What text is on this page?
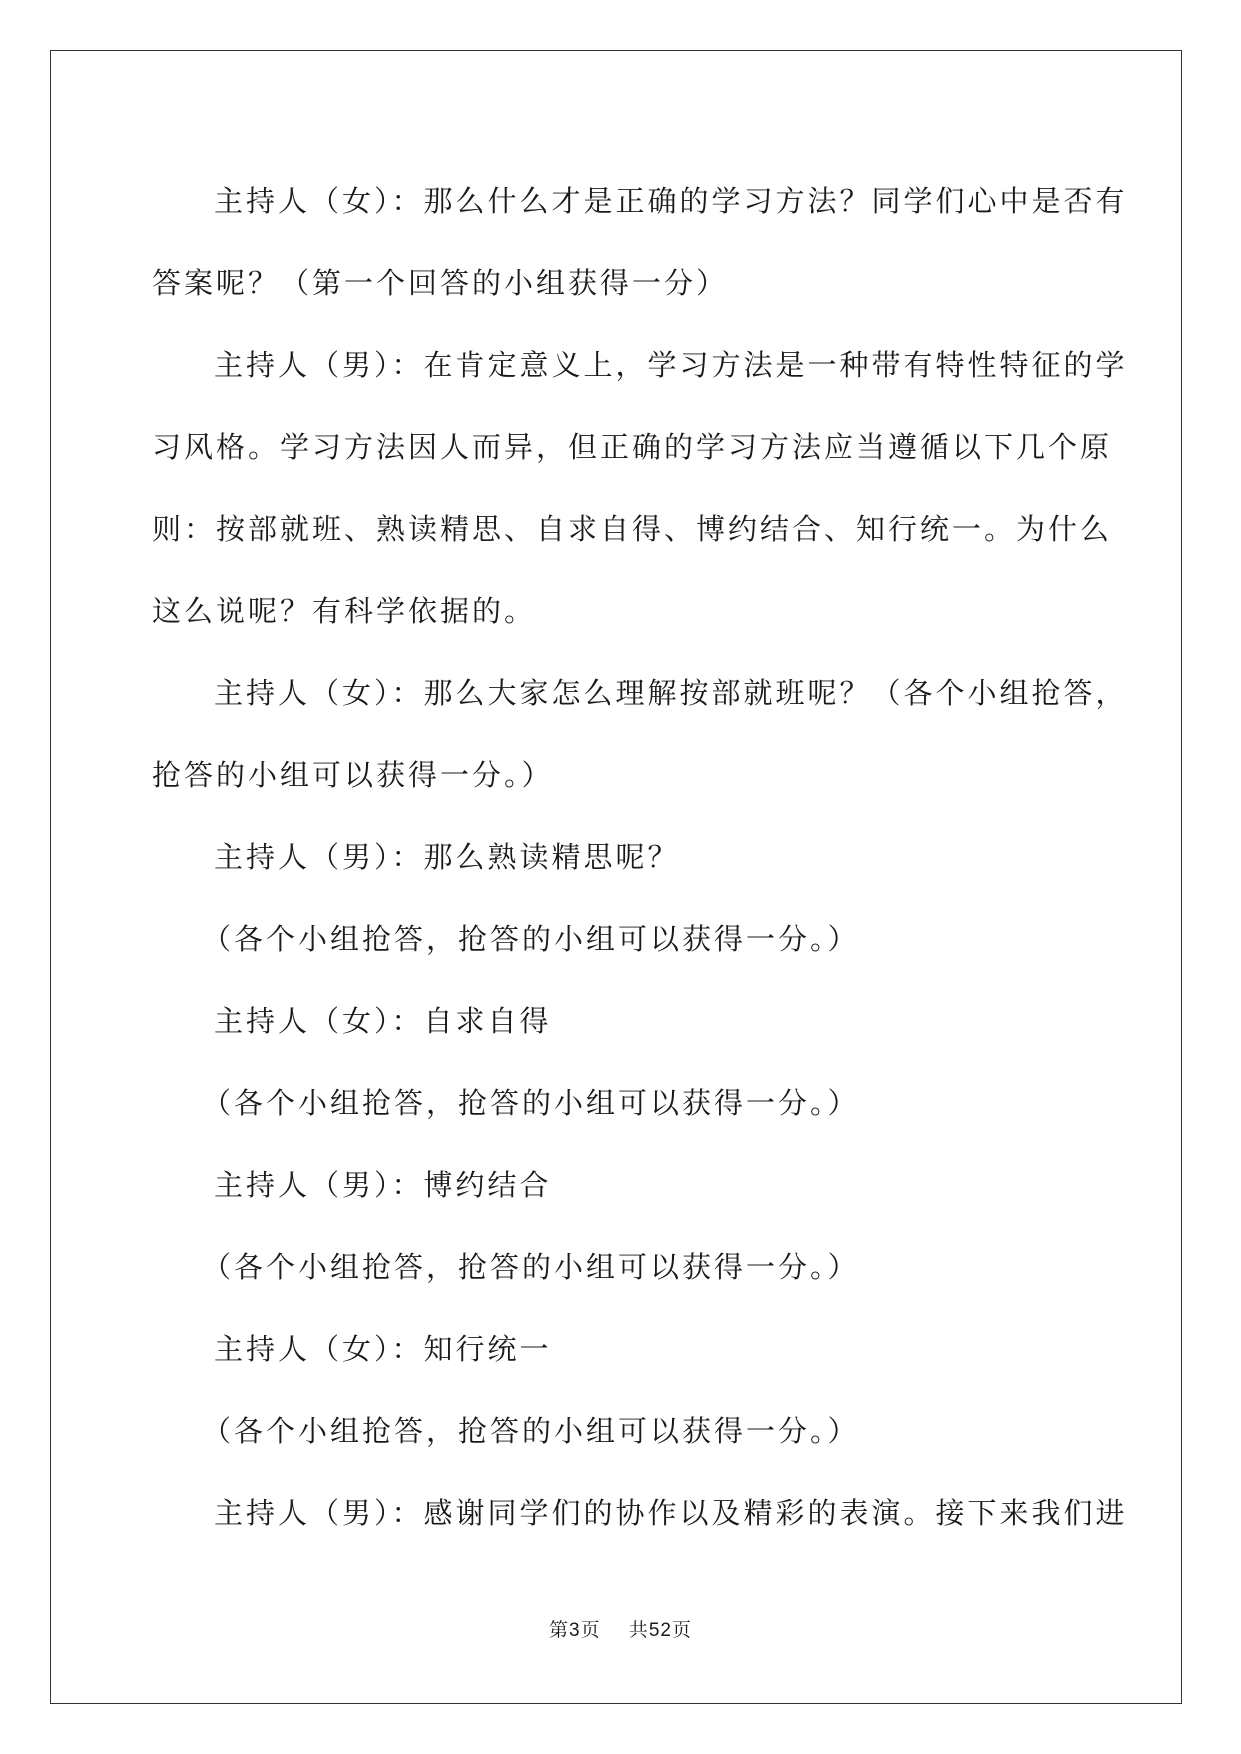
主持人（女）：那么什么才是正确的学习方法？同学们心中是否有
答案呢？（第一个回答的小组获得一分）
主持人（男）：在肯定意义上，学习方法是一种带有特性特征的学
习风格。学习方法因人而异，但正确的学习方法应当遵循以下几个原
则：按部就班、熟读精思、自求自得、博约结合、知行统一。为什么
这么说呢？有科学依据的。
主持人（女）：那么大家怎么理解按部就班呢？（各个小组抢答，
抢答的小组可以获得一分。）
主持人（男）：那么熟读精思呢？
（各个小组抢答，抢答的小组可以获得一分。）
主持人（女）：自求自得
（各个小组抢答，抢答的小组可以获得一分。）
主持人（男）：博约结合
（各个小组抢答，抢答的小组可以获得一分。）
主持人（女）：知行统一
（各个小组抢答，抢答的小组可以获得一分。）
主持人（男）：感谢同学们的协作以及精彩的表演。接下来我们进
第3页 共52页
